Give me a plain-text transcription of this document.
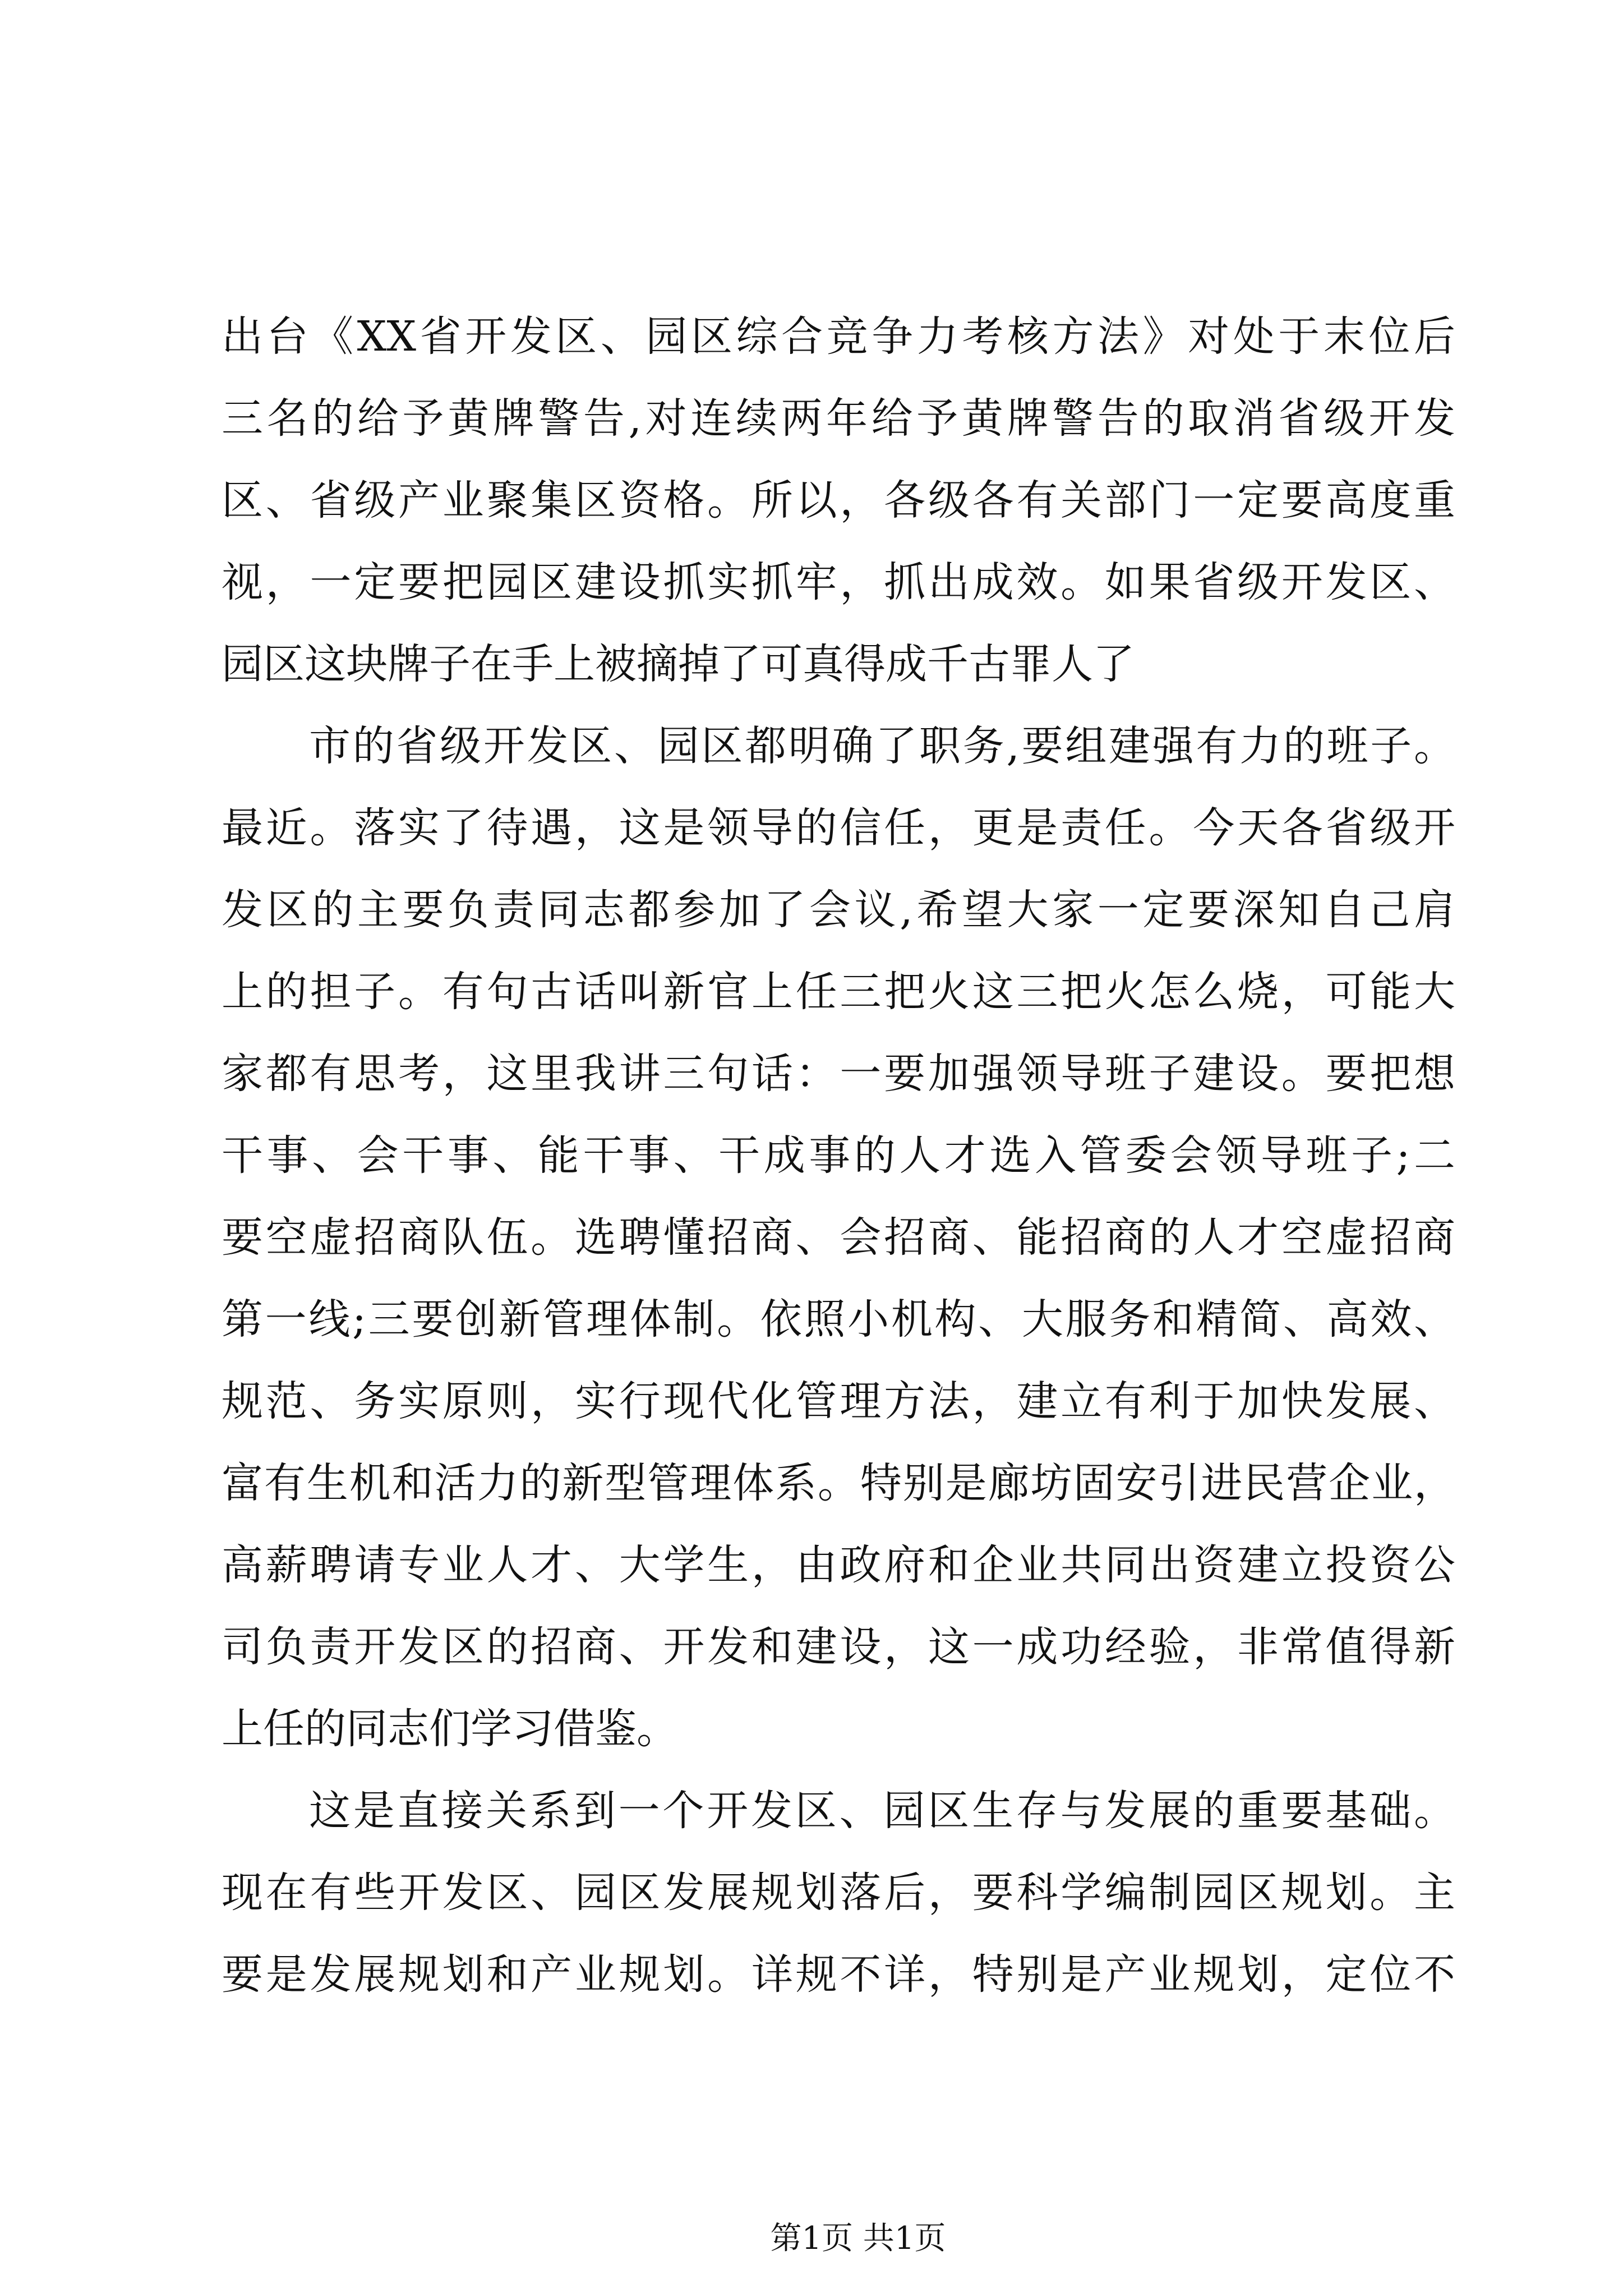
出台《XX省开发区、园区综合竞争力考核方法》对处于末位后
三名的给予黄牌警告,对连续两年给予黄牌警告的取消省级开发
区、省级产业聚集区资格。所以，各级各有关部门一定要高度重
视，一定要把园区建设抓实抓牢，抓出成效。如果省级开发区、
园区这块牌子在手上被摘掉了可真得成千古罪人了
市的省级开发区、园区都明确了职务,要组建强有力的班子。
最近。落实了待遇，这是领导的信任，更是责任。今天各省级开
发区的主要负责同志都参加了会议,希望大家一定要深知自己肩
上的担子。有句古话叫新官上任三把火这三把火怎么烧，可能大
家都有思考，这里我讲三句话：一要加强领导班子建设。要把想
干事、会干事、能干事、干成事的人才选入管委会领导班子;二
要空虚招商队伍。选聘懂招商、会招商、能招商的人才空虚招商
第一线;三要创新管理体制。依照小机构、大服务和精简、高效、
规范、务实原则，实行现代化管理方法，建立有利于加快发展、
富有生机和活力的新型管理体系。特别是廊坊固安引进民营企业，
高薪聘请专业人才、大学生，由政府和企业共同出资建立投资公
司负责开发区的招商、开发和建设，这一成功经验，非常值得新
上任的同志们学习借鉴。
这是直接关系到一个开发区、园区生存与发展的重要基础。
现在有些开发区、园区发展规划落后，要科学编制园区规划。主
要是发展规划和产业规划。详规不详，特别是产业规划，定位不
第1页 共1页
